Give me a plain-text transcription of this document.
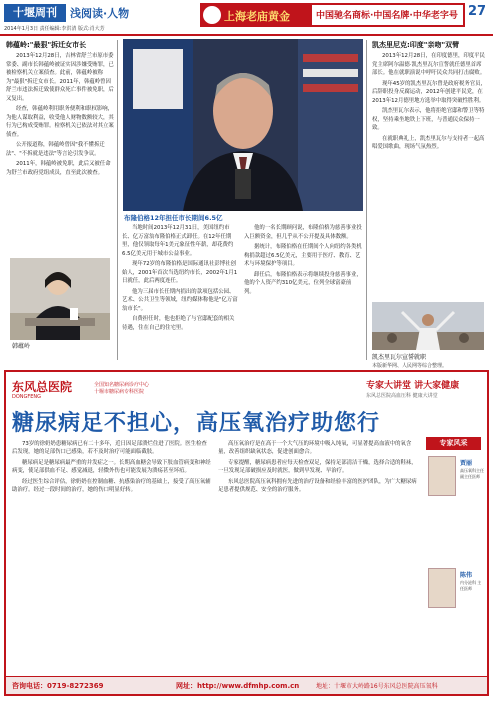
十堰周刊	浅阅读·人物
2014年1月3日 责任编辑:李洪清 版式:肖大芳
上海老庙黄金	中国驰名商标·中国名牌·中华老字号 27
韩蕴岭:"最狠"拆迁女市长

2013年12月28日，吉林省舒兰市原市委常委、副市长韩蕴岭被证实因涉嫌受贿罪，已被检察机关立案侦查。此前，韩蕴岭被称为"最狠"拆迁女市长。2011年，韩蕴岭曾因舒兰市违法拆迁致使群众死亡事件被免职，后又复出。

经查，韩蕴岭利用职务便利和职权影响，为他人谋取利益，收受他人财物数额较大，其行为已构成受贿罪。检察机关已依法对其立案侦查。

公开报道称，韩蕴岭曾因"我不懂拆迁法"、"不拆就是违法"等言论引发争议。

2011年，韩蕴岭被免职，此后又被任命为舒兰市政府党组成员，直至此次被查。

韩蕴岭
布隆伯格12年担任市长期间6.5亿

当地时间2013年12月31日，美国纽约市长、亿万富翁布隆伯格正式卸任。在12年任期里，他仅领取每年1美元象征性年薪，却花费约6.5亿美元用于城市公益事业。

现年72岁的布隆伯格是国际通讯社彭博社创始人，2001年首次当选纽约市长，2002年1月1日就任，此后两度连任。

他为三届市长任期内捐出的款项包括公园、艺术、公共卫生等领域，纽约媒体称他是"亿万富翁市长"。

自费担任时，他也拒绝了与官邸配套的相关待遇，住在自己的住宅里。

他的一名长期顾问说，布隆伯格为慈善事业投入巨额资金，但几乎从不公开提及具体数额。

据统计，布隆伯格在任期间个人向纽约各类机构捐款超过6.5亿美元，主要用于医疗、教育、艺术与环境保护等项目。

卸任后，布隆伯格表示将继续投身慈善事业，他的个人资产约310亿美元，位列全球富豪前列。

凯杰里尼克:印度"亲吻"双臂

2013年12月28日，在印度德里，印度平民党主席阿尔温德·凯杰里瓦尔宣誓就任德里首席部长。他在就职演说中呼吁民众共同打击腐败。

现年45岁的凯杰里瓦尔曾是政府税务官员，后辞职投身反腐运动，2012年创建平民党，在2013年12月德里地方选举中取得突破性胜利。

凯杰里瓦尔表示，他将拒绝官邸和警卫等特权，坚持乘坐地铁上下班，与普通民众保持一致。

在就职典礼上，凯杰里瓦尔与支持者一起高唱爱国歌曲，现场气氛热烈。

凯杰里瓦尔宣誓就职
本版新华网、人民网等综合整理。
东风总医院
DONGFENG
全国知名糖尿病诊疗中心
十堰市糖尿病专科医院
专家大讲堂 讲大家健康
东风总医院高血压科 健康大讲堂
糖尿病足不担心，高压氧治疗助您行

73岁的徐奶奶患糖尿病已有二十多年，近日因足部溃烂住进了医院。医生检查后发现，她的足部伤口已感染，若不及时治疗可能面临截肢。

糖尿病足是糖尿病最严重的并发症之一。长期高血糖会导致下肢血管病变和神经病变，使足部供血不足、感觉减退，轻微外伤也可能发展为溃疡甚至坏疽。

经过医生综合评估，徐奶奶在控制血糖、抗感染治疗的基础上，接受了高压氧辅助治疗。经过一段时间的治疗，她的伤口明显好转。

高压氧治疗是在高于一个大气压的环境中吸入纯氧，可显著提高血液中的氧含量，改善组织缺氧状态，促进创面愈合。

专家提醒，糖尿病患者应每天检查双足，保持足部清洁干燥，选择合适的鞋袜，一旦发现足部破损应及时就医，做到早发现、早治疗。

东风总医院高压氧科拥有先进的治疗设备和经验丰富的医护团队，为广大糖尿病足患者提供规范、安全的治疗服务。

专家风采
贾丽
高压氧科主任 副主任医师
陈伟
内分泌科 主任医师
咨询电话：0719-8272369	网址：http://www.dfmhp.com.cn	地址：十堰市大岭路16号东风总医院高压氧科
